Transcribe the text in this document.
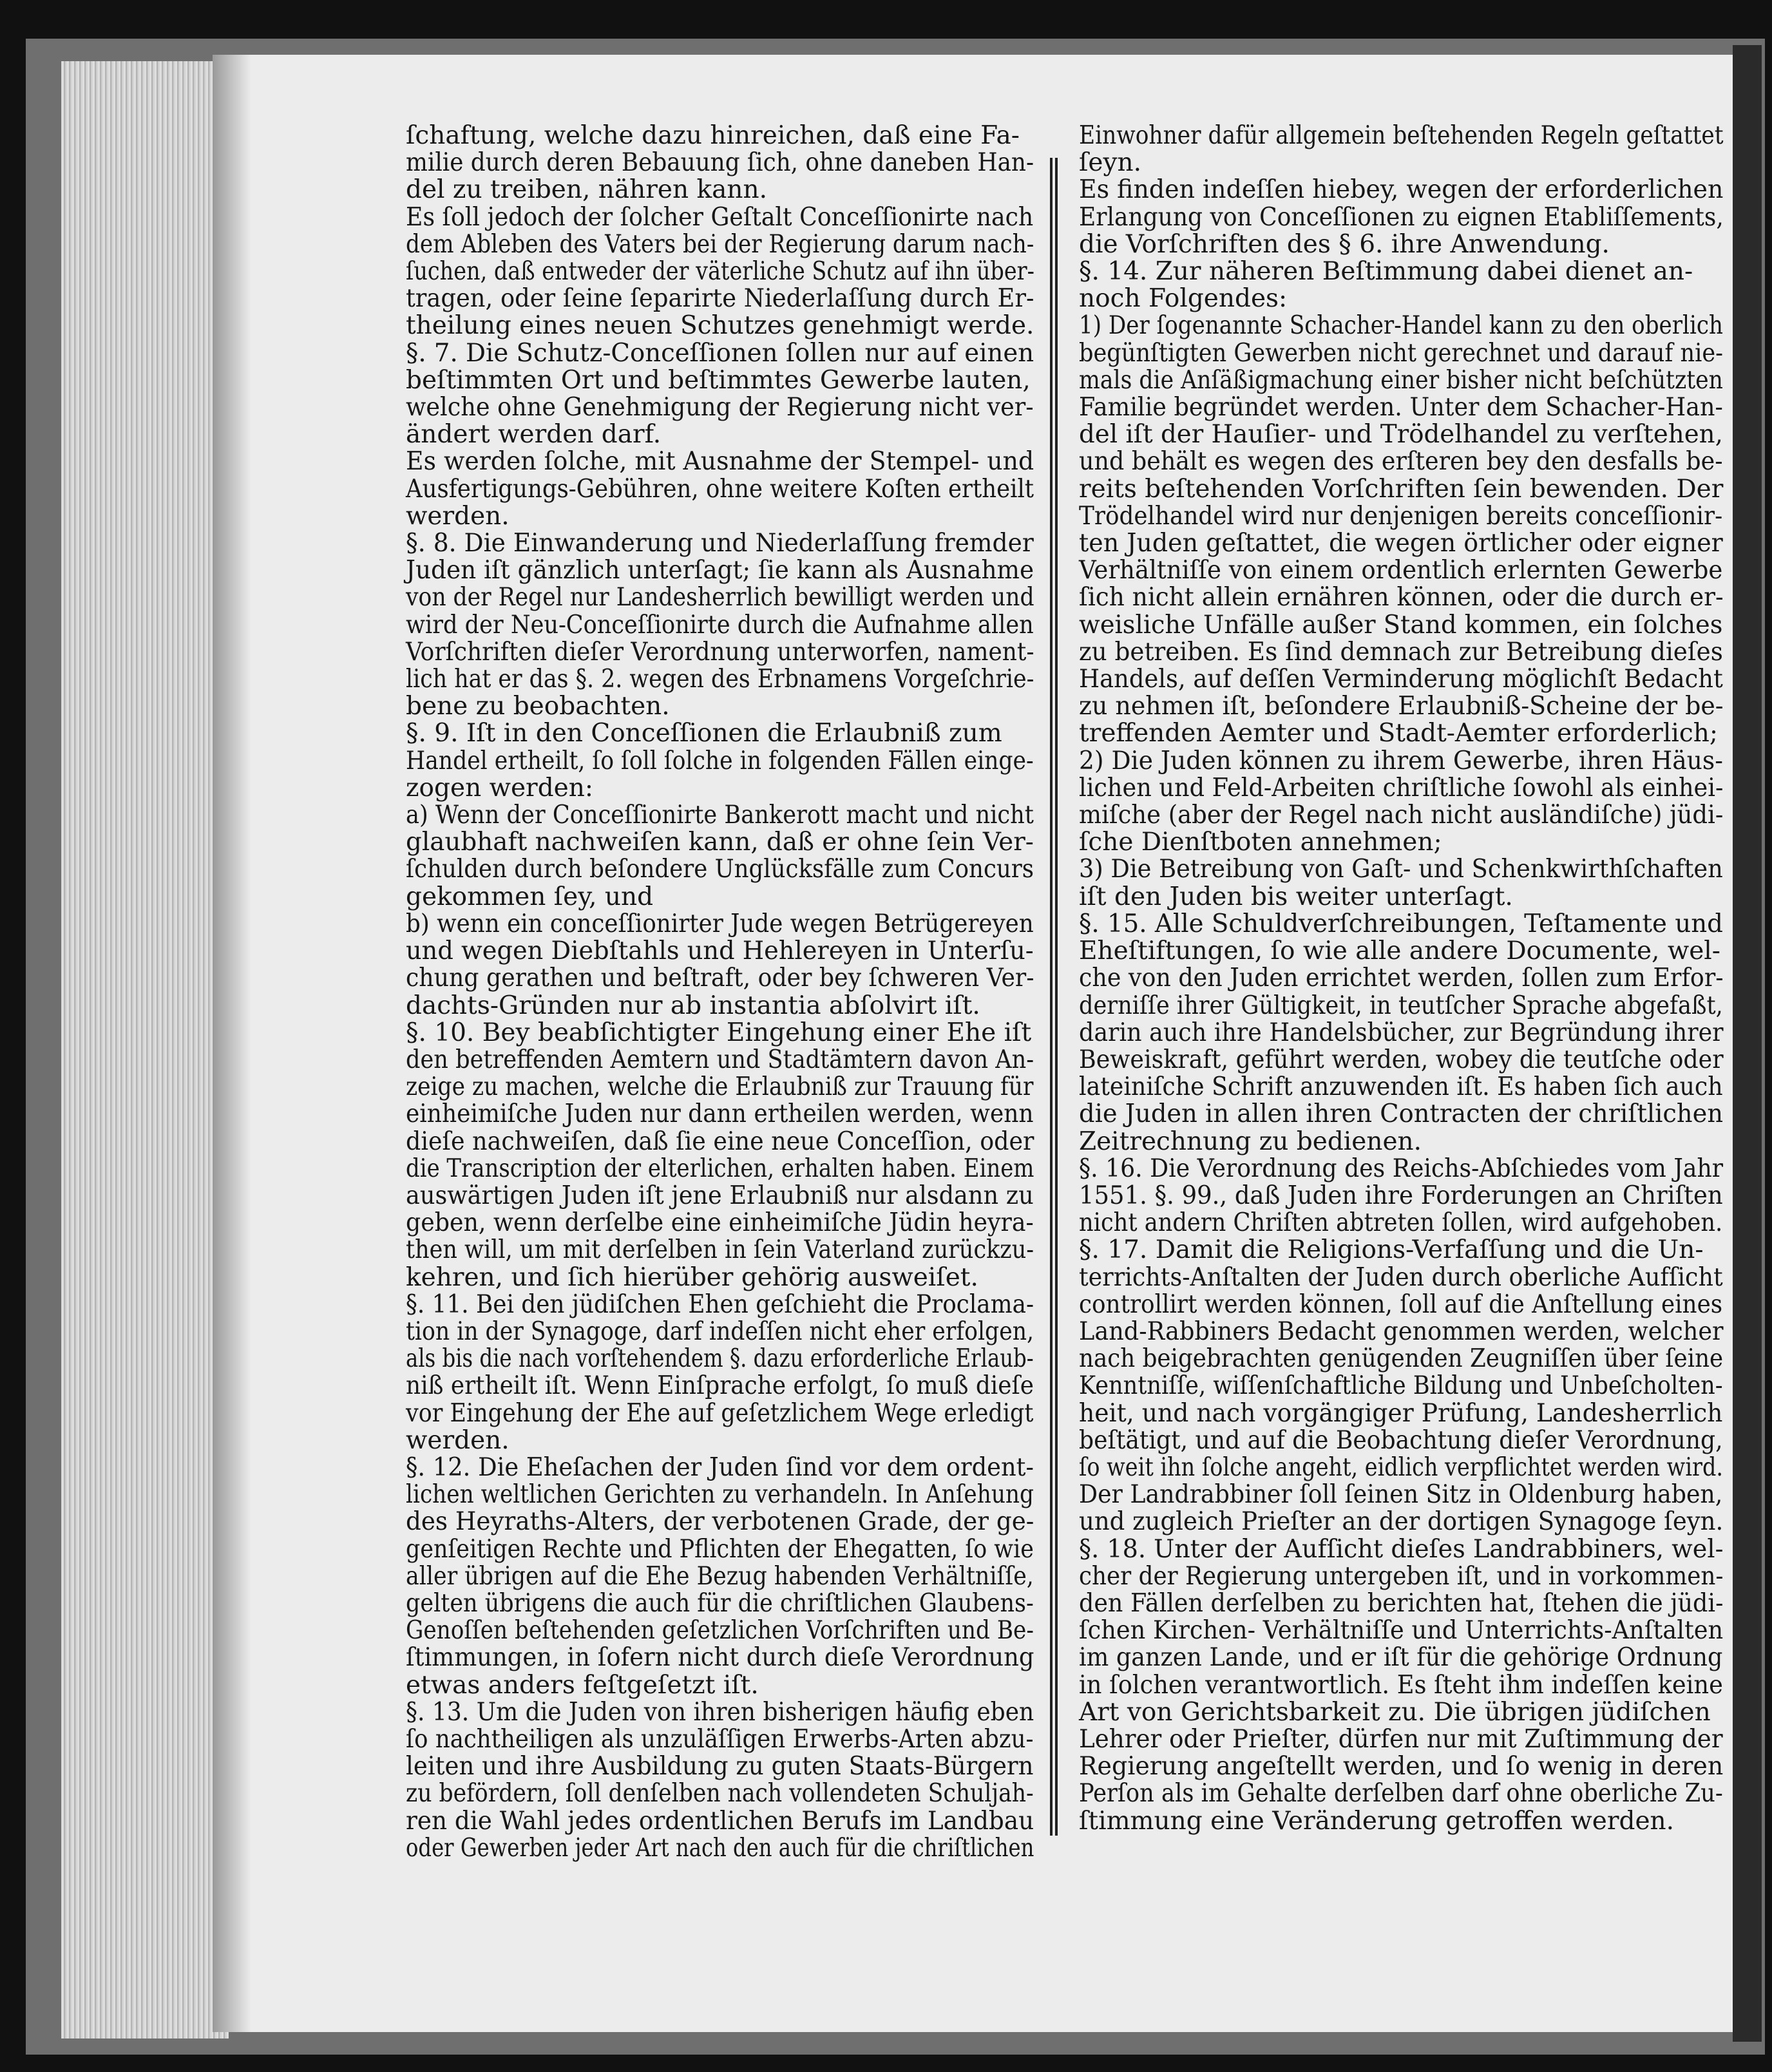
ſchaftung, welche dazu hinreichen, daß eine Fa-
milie durch deren Bebauung ſich, ohne daneben Han-
del zu treiben, nähren kann.
Es ſoll jedoch der ſolcher Geſtalt Conceſſionirte nachdem Ableben des Vaters bei der Regierung darum nach-ſuchen, daß entweder der väterliche Schutz auf ihn über-tragen, oder ſeine ſeparirte Niederlaſſung durch Er-theilung eines neuen Schutzes genehmigt werde.§. 7. Die Schutz-Conceſſionen ſollen nur auf einen
beſtimmten Ort und beſtimmtes Gewerbe lauten,
welche ohne Genehmigung der Regierung nicht ver-
ändert werden darf.
Es werden ſolche, mit Ausnahme der Stempel- undAusfertigungs-Gebühren, ohne weitere Koſten ertheilt
werden.
§. 8. Die Einwanderung und Niederlaſſung fremderJuden iſt gänzlich unterſagt; ſie kann als Ausnahmevon der Regel nur Landesherrlich bewilligt werden undwird der Neu-Conceſſionirte durch die Aufnahme allenVorſchriften dieſer Verordnung unterworfen, nament-lich hat er das §. 2. wegen des Erbnamens Vorgeſchrie-
bene zu beobachten.
§. 9. Iſt in den Conceſſionen die Erlaubniß zum
Handel ertheilt, ſo ſoll ſolche in folgenden Fällen einge-
zogen werden:
a) Wenn der Conceſſionirte Bankerott macht und nichtglaubhaft nachweiſen kann, daß er ohne ſein Ver-ſchulden durch beſondere Unglücksfälle zum Concurs
gekommen ſey, und
b) wenn ein conceſſionirter Jude wegen Betrügereyenund wegen Diebſtahls und Hehlereyen in Unterſu-chung gerathen und beſtraft, oder bey ſchweren Ver-
dachts-Gründen nur ab instantia abſolvirt iſt.
§. 10. Bey beabſichtigter Eingehung einer Ehe iſt
den betreffenden Aemtern und Stadtämtern davon An-zeige zu machen, welche die Erlaubniß zur Trauung füreinheimiſche Juden nur dann ertheilen werden, wenndieſe nachweiſen, daß ſie eine neue Conceſſion, oderdie Transcription der elterlichen, erhalten haben. Einemauswärtigen Juden iſt jene Erlaubniß nur alsdann zugeben, wenn derſelbe eine einheimiſche Jüdin heyra-then will, um mit derſelben in ſein Vaterland zurückzu-
kehren, und ſich hierüber gehörig ausweiſet.
§. 11. Bei den jüdiſchen Ehen geſchieht die Proclama-tion in der Synagoge, darf indeſſen nicht eher erfolgen,als bis die nach vorſtehendem §. dazu erforderliche Erlaub-niß ertheilt iſt. Wenn Einſprache erfolgt, ſo muß dieſevor Eingehung der Ehe auf geſetzlichem Wege erledigt
werden.
§. 12. Die Eheſachen der Juden ſind vor dem ordent-lichen weltlichen Gerichten zu verhandeln. In Anſehungdes Heyraths-Alters, der verbotenen Grade, der ge-genſeitigen Rechte und Pflichten der Ehegatten, ſo wiealler übrigen auf die Ehe Bezug habenden Verhältniſſe,gelten übrigens die auch für die chriſtlichen Glaubens-Genoſſen beſtehenden geſetzlichen Vorſchriften und Be-ſtimmungen, in ſofern nicht durch dieſe Verordnung
etwas anders feſtgeſetzt iſt.
§. 13. Um die Juden von ihren bisherigen häufig ebenſo nachtheiligen als unzuläſſigen Erwerbs-Arten abzu-leiten und ihre Ausbildung zu guten Staats-Bürgernzu befördern, ſoll denſelben nach vollendeten Schuljah-ren die Wahl jedes ordentlichen Berufs im Landbauoder Gewerben jeder Art nach den auch für die chriſtlichen
Einwohner dafür allgemein beſtehenden Regeln geſtattet
ſeyn.
Es finden indeſſen hiebey, wegen der erforderlichenErlangung von Conceſſionen zu eignen Etabliſſements,
die Vorſchriften des § 6. ihre Anwendung.
§. 14. Zur näheren Beſtimmung dabei dienet an-
noch Folgendes:
1) Der ſogenannte Schacher-Handel kann zu den oberlichbegünſtigten Gewerben nicht gerechnet und darauf nie-mals die Anſäßigmachung einer bisher nicht beſchütztenFamilie begründet werden. Unter dem Schacher-Han-del iſt der Hauſier- und Trödelhandel zu verſtehen,und behält es wegen des erſteren bey den desfalls be-
reits beſtehenden Vorſchriften ſein bewenden. Der
Trödelhandel wird nur denjenigen bereits conceſſionir-ten Juden geſtattet, die wegen örtlicher oder eignerVerhältniſſe von einem ordentlich erlernten Gewerbeſich nicht allein ernähren können, oder die durch er-weisliche Unfälle außer Stand kommen, ein ſolcheszu betreiben. Es ſind demnach zur Betreibung dieſesHandels, auf deſſen Verminderung möglichſt Bedachtzu nehmen iſt, beſondere Erlaubniß-Scheine der be-
treffenden Aemter und Stadt-Aemter erforderlich;
2) Die Juden können zu ihrem Gewerbe, ihren Häus-lichen und Feld-Arbeiten chriſtliche ſowohl als einhei-miſche (aber der Regel nach nicht ausländiſche) jüdi-
ſche Dienſtboten annehmen;
3) Die Betreibung von Gaſt- und Schenkwirthſchaften
iſt den Juden bis weiter unterſagt.
§. 15. Alle Schuldverſchreibungen, Teſtamente und
Eheſtiftungen, ſo wie alle andere Documente, wel-
che von den Juden errichtet werden, ſollen zum Erfor-derniſſe ihrer Gültigkeit, in teutſcher Sprache abgefaßt,darin auch ihre Handelsbücher, zur Begründung ihrerBeweiskraft, geführt werden, wobey die teutſche oderlateiniſche Schrift anzuwenden iſt. Es haben ſich auchdie Juden in allen ihren Contracten der chriſtlichen
Zeitrechnung zu bedienen.
§. 16. Die Verordnung des Reichs-Abſchiedes vom Jahr1551. §. 99., daß Juden ihre Forderungen an Chriſtennicht andern Chriſten abtreten ſollen, wird aufgehoben.
§. 17. Damit die Religions-Verfaſſung und die Un-
terrichts-Anſtalten der Juden durch oberliche Aufſichtcontrollirt werden können, ſoll auf die Anſtellung einesLand-Rabbiners Bedacht genommen werden, welchernach beigebrachten genügenden Zeugniſſen über ſeineKenntniſſe, wiſſenſchaftliche Bildung und Unbeſcholten-heit, und nach vorgängiger Prüfung, Landesherrlichbeſtätigt, und auf die Beobachtung dieſer Verordnung,ſo weit ihn ſolche angeht, eidlich verpflichtet werden wird.Der Landrabbiner ſoll ſeinen Sitz in Oldenburg haben,und zugleich Prieſter an der dortigen Synagoge ſeyn.§. 18. Unter der Aufſicht dieſes Landrabbiners, wel-cher der Regierung untergeben iſt, und in vorkommen-den Fällen derſelben zu berichten hat, ſtehen die jüdi-ſchen Kirchen- Verhältniſſe und Unterrichts-Anſtaltenim ganzen Lande, und er iſt für die gehörige Ordnungin ſolchen verantwortlich. Es ſteht ihm indeſſen keine
Art von Gerichtsbarkeit zu. Die übrigen jüdiſchen
Lehrer oder Prieſter, dürfen nur mit Zuſtimmung derRegierung angeſtellt werden, und ſo wenig in derenPerſon als im Gehalte derſelben darf ohne oberliche Zu-
ſtimmung eine Veränderung getroffen werden.
